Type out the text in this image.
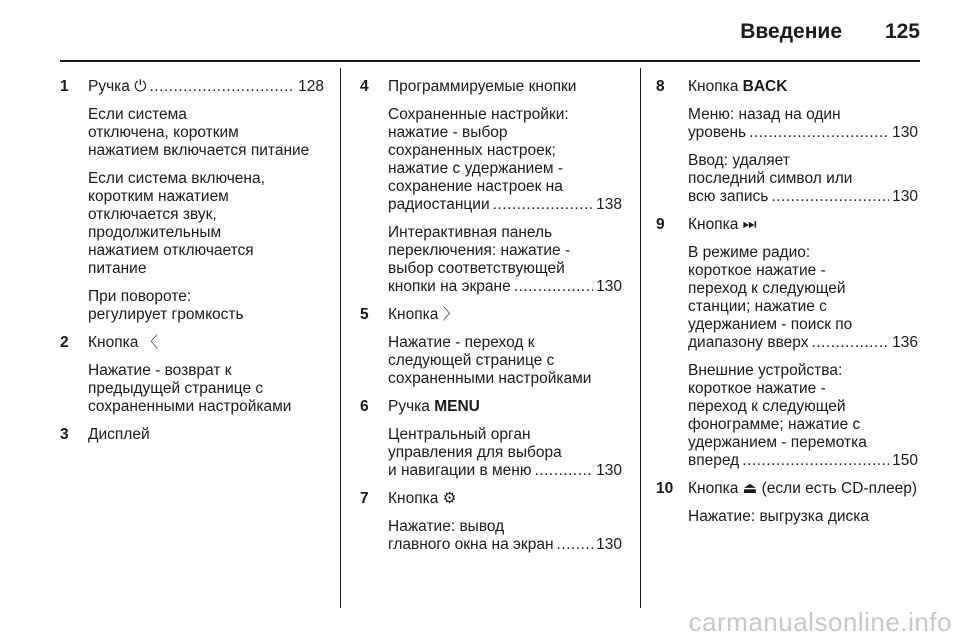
Введение 125
1 Ручка ⏻ .....	128
Если система
отключена, коротким
нажатием включается питание
Если система включена,
коротким нажатием
отключается звук,
продолжительным
нажатием отключается
питание
При повороте:
регулирует громкость
2 Кнопка 〈
Нажатие - возврат к
предыдущей странице с
сохраненными настройками
3 Дисплей
4 Программируемые кнопки
Сохраненные настройки:
нажатие - выбор
сохраненных настроек;
нажатие с удержанием -
сохранение настроек на
радиостанции .....	138
Интерактивная панель
переключения: нажатие -
выбор соответствующей
кнопки на экране .....	130
5 Кнопка 〉
Нажатие - переход к
следующей странице с
сохраненными настройками
6 Ручка MENU
Центральный орган
управления для выбора
и навигации в меню .....	130
7 Кнопка ⚙
Нажатие: вывод
главного окна на экран .....	130
8 Кнопка BACK
Меню: назад на один
уровень .....	130
Ввод: удаляет
последний символ или
всю запись .....	130
9 Кнопка ⏭
В режиме радио:
короткое нажатие -
переход к следующей
станции; нажатие с
удержанием - поиск по
диапазону вверх .....	136
Внешние устройства:
короткое нажатие -
переход к следующей
фонограмме; нажатие с
удержанием - перемотка
вперед .....	150
10 Кнопка ⏏ (если есть CD-плеер)
Нажатие: выгрузка диска
carmanualsonline.info
